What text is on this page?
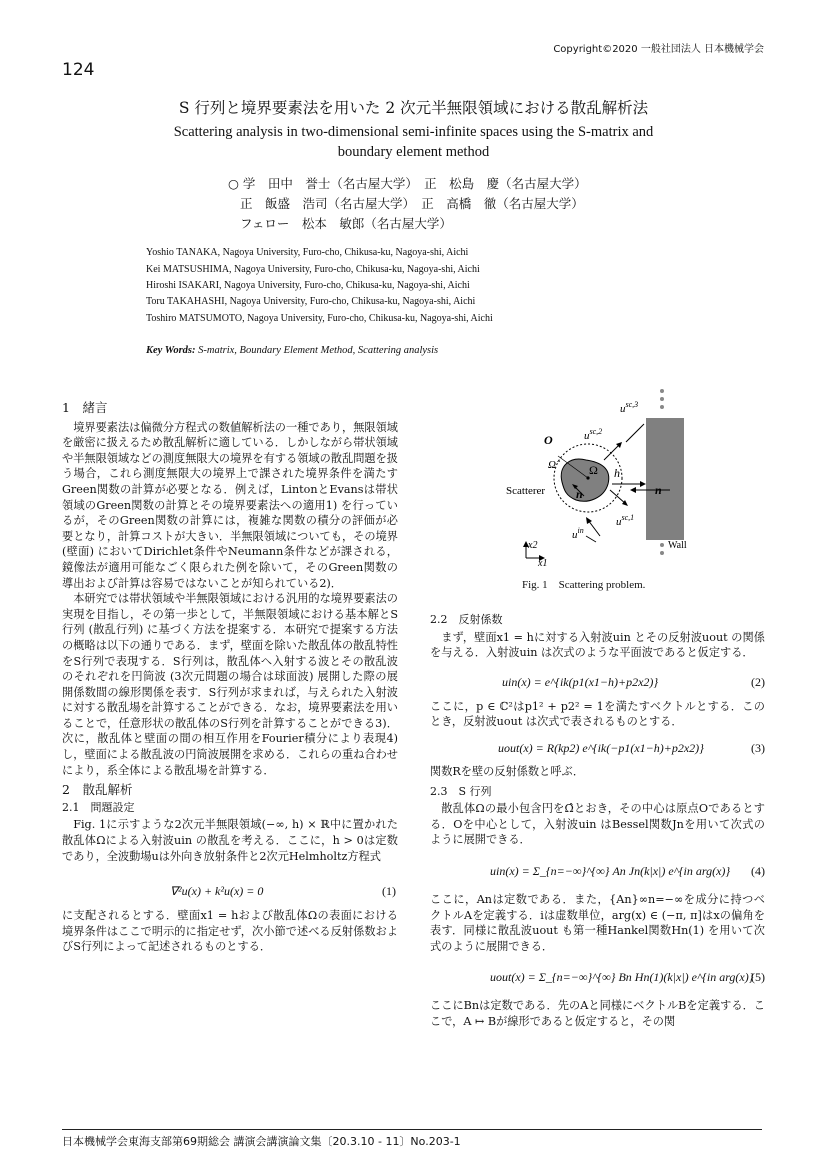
Copyright©2020 一般社団法人 日本機械学会
124
S 行列と境界要素法を用いた 2 次元半無限領域における散乱解析法
Scattering analysis in two-dimensional semi-infinite spaces using the S-matrix and
boundary element method
○ 学　田中　誉士（名古屋大学）　正　松島　慶（名古屋大学）
正　飯盛　浩司（名古屋大学）　正　高橋　徹（名古屋大学）
フェロー　松本　敏郎（名古屋大学）
Yoshio TANAKA, Nagoya University, Furo-cho, Chikusa-ku, Nagoya-shi, Aichi
Kei MATSUSHIMA, Nagoya University, Furo-cho, Chikusa-ku, Nagoya-shi, Aichi
Hiroshi ISAKARI, Nagoya University, Furo-cho, Chikusa-ku, Nagoya-shi, Aichi
Toru TAKAHASHI, Nagoya University, Furo-cho, Chikusa-ku, Nagoya-shi, Aichi
Toshiro MATSUMOTO, Nagoya University, Furo-cho, Chikusa-ku, Nagoya-shi, Aichi
Key Words: S-matrix, Boundary Element Method, Scattering analysis
1　緒言

境界要素法は偏微分方程式の数値解析法の一種であり，無限領域を厳密に扱えるため散乱解析に適している．しかしながら帯状領域や半無限領域などの測度無限大の境界を有する領域の散乱問題を扱う場合，これら測度無限大の境界上で課された境界条件を満たすGreen関数の計算が必要となる．例えば，LintonとEvansは帯状領域のGreen関数の計算とその境界要素法への適用1) を行っているが，そのGreen関数の計算には，複雑な関数の積分の評価が必要となり，計算コストが大きい．半無限領域についても，その境界 (壁面) においてDirichlet条件やNeumann条件などが課される，鏡像法が適用可能なごく限られた例を除いて，そのGreen関数の導出および計算は容易ではないことが知られている2)．

本研究では帯状領域や半無限領域における汎用的な境界要素法の実現を目指し，その第一歩として，半無限領域における基本解とS行列 (散乱行列) に基づく方法を提案する．本研究で提案する方法の概略は以下の通りである．まず，壁面を除いた散乱体の散乱特性をS行列で表現する．S行列は，散乱体へ入射する波とその散乱波のそれぞれを円筒波 (3次元問題の場合は球面波) 展開した際の展開係数間の線形関係を表す．S行列が求まれば，与えられた入射波に対する散乱場を計算することができる．なお，境界要素法を用いることで，任意形状の散乱体のS行列を計算することができる3)．次に，散乱体と壁面の間の相互作用をFourier積分により表現4) し，壁面による散乱波の円筒波展開を求める．これらの重ね合わせにより，系全体による散乱場を計算する．

2　散乱解析
2.1　問題設定

Fig. 1に示すような2次元半無限領域(−∞, h) × ℝ中に置かれた散乱体Ωによる入射波uin の散乱を考える．ここに，h > 0は定数であり，全波動場uは外向き放射条件と2次元Helmholtz方程式

∇²u(x) + k²u(x) = 0	(1)

に支配されるとする．壁面x1 = hおよび散乱体Ωの表面における境界条件はここで明示的に指定せず，次小節で述べる反射係数およびS行列によって記述されるものとする．

O
Ω̂	Ω h
Scatterer	n	n
$u^{sc,3}$
$u^{sc,2}$
$u^{sc,1}$
$u^{in}$
Wall
x1
x2
Fig. 1　Scattering problem.
2.2　反射係数

まず，壁面x1 = hに対する入射波uin とその反射波uout の関係を与える．入射波uin は次式のような平面波であると仮定する．

uin(x) = e^{ik(p1(x1−h)+p2x2)}	(2)

ここに，p ∈ ℂ²はp1² + p2² = 1を満たすベクトルとする．このとき，反射波uout は次式で表されるものとする．

uout(x) = R(kp2) e^{ik(−p1(x1−h)+p2x2)}	(3)

関数Rを壁の反射係数と呼ぶ．

2.3　S 行列

散乱体Ωの最小包含円をΩ̂とおき，その中心は原点Oであるとする．Oを中心として，入射波uin はBessel関数Jnを用いて次式のように展開できる．

uin(x) = Σ_{n=−∞}^{∞} An Jn(k|x|) e^{in arg(x)} (4)

ここに，Anは定数である．また，{An}∞n=−∞を成分に持つベクトルAを定義する．iは虚数単位，arg(x) ∈ (−π, π]はxの偏角を表す．同様に散乱波uout も第一種Hankel関数Hn(1) を用いて次式のように展開できる．

uout(x) = Σ_{n=−∞}^{∞} Bn Hn(1)(k|x|) e^{in arg(x)}
(5)

ここにBnは定数である．先のAと同様にベクトルBを定義する．ここで，A ↦ Bが線形であると仮定すると，その関

日本機械学会東海支部第69期総会 講演会講演論文集〔20.3.10 - 11〕No.203-1
